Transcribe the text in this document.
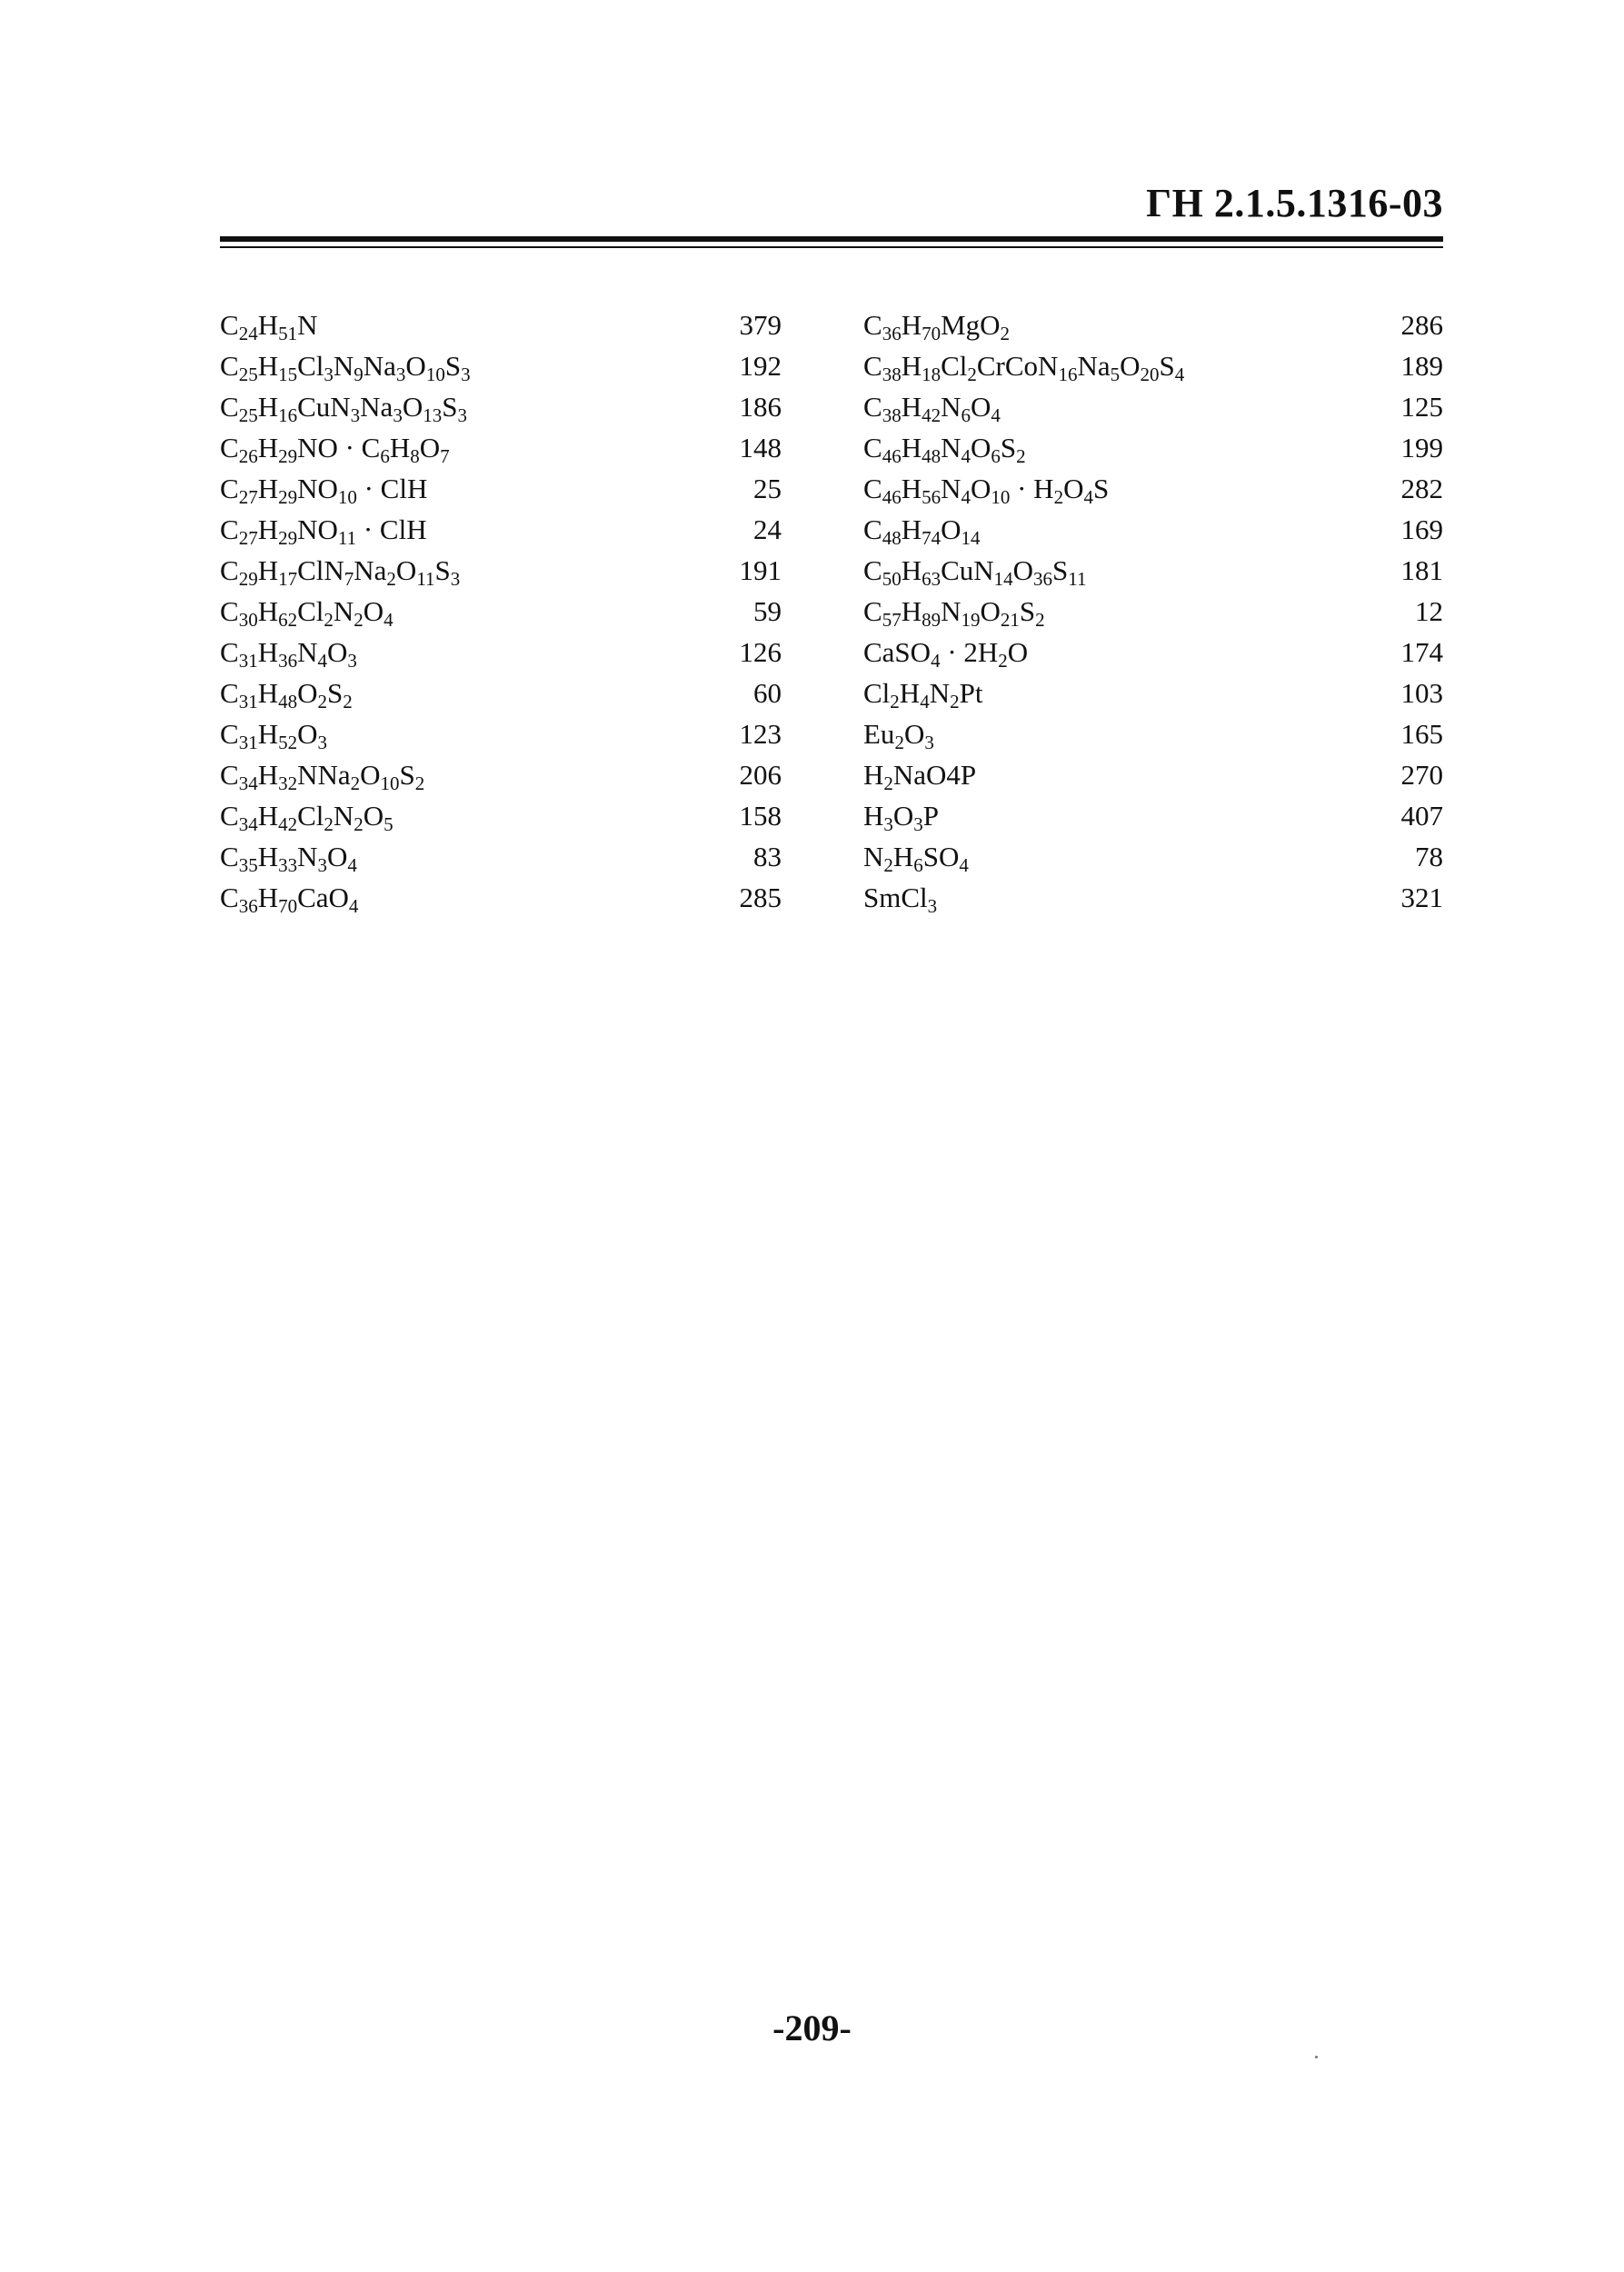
ГН 2.1.5.1316-03
$C_{24}H_{51}N$	379
$C_{25}H_{15}Cl_3N_9Na_3O_{10}S_3$	192
$C_{25}H_{16}CuN_3Na_3O_{13}S_3$	186
$C_{26}H_{29}NO \cdot C_6H_8O_7$	148
$C_{27}H_{29}NO_{10}$ · ClH	25
$C_{27}H_{29}NO_{11}$ · ClH	24
$C_{29}H_{17}ClN_7Na_2O_{11}S_3$	191
$C_{30}H_{62}Cl_2N_2O_4$	59
$C_{31}H_{36}N_4O_3$	126
$C_{31}H_{48}O_2S_2$	60
$C_{31}H_{52}O_3$	123
$C_{34}H_{32}NNa_2O_{10}S_2$	206
$C_{34}H_{42}Cl_2N_2O_5$	158
$C_{35}H_{33}N_3O_4$	83
$C_{36}H_{70}CaO_4$	285
$C_{36}H_{70}MgO_2$	286
$C_{38}H_{18}Cl_2CrCoN_{16}Na_5O_{20}S_4$	189
$C_{38}H_{42}N_6O_4$	125
$C_{46}H_{48}N_4O_6S_2$	199
$C_{46}H_{56}N_4O_{10} \cdot H_2O_4S$	282
$C_{48}H_{74}O_{14}$	169
$C_{50}H_{63}CuN_{14}O_{36}S_{11}$	181
$C_{57}H_{89}N_{19}O_{21}S_2$	12
CaSO$_4$ · $2H_2O$	174
$Cl_2H_4N_2Pt$	103
$Eu_2O_3$	165
$H_2NaO4P$	270
$H_3O_3P$	407
$N_2H_6SO_4$	78
SmCl$_3$	321

-209-
